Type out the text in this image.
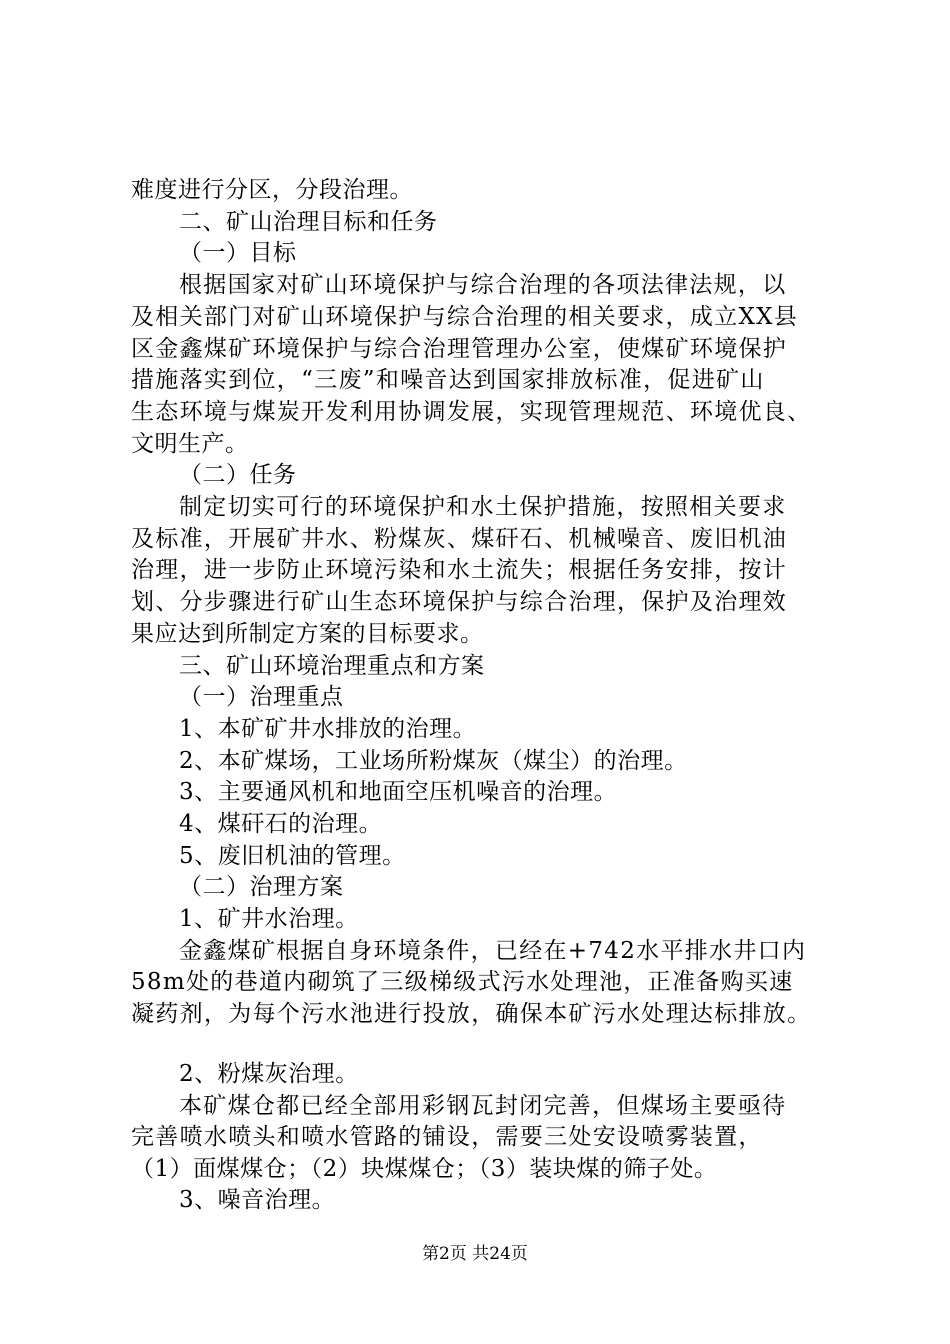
难度进行分区，分段治理。
二、矿山治理目标和任务
（一）目标
根据国家对矿山环境保护与综合治理的各项法律法规，以
及相关部门对矿山环境保护与综合治理的相关要求，成立XX县
区金鑫煤矿环境保护与综合治理管理办公室，使煤矿环境保护
措施落实到位，“三废”和噪音达到国家排放标准，促进矿山
生态环境与煤炭开发利用协调发展，实现管理规范、环境优良、
文明生产。
（二）任务
制定切实可行的环境保护和水土保护措施，按照相关要求
及标准，开展矿井水、粉煤灰、煤矸石、机械噪音、废旧机油
治理，进一步防止环境污染和水土流失；根据任务安排，按计
划、分步骤进行矿山生态环境保护与综合治理，保护及治理效
果应达到所制定方案的目标要求。
三、矿山环境治理重点和方案
（一）治理重点
1、本矿矿井水排放的治理。
2、本矿煤场，工业场所粉煤灰（煤尘）的治理。
3、主要通风机和地面空压机噪音的治理。
4、煤矸石的治理。
5、废旧机油的管理。
（二）治理方案
1、矿井水治理。
金鑫煤矿根据自身环境条件，已经在+742水平排水井口内
58m处的巷道内砌筑了三级梯级式污水处理池，正准备购买速
凝药剂，为每个污水池进行投放，确保本矿污水处理达标排放。
2、粉煤灰治理。
本矿煤仓都已经全部用彩钢瓦封闭完善，但煤场主要亟待
完善喷水喷头和喷水管路的铺设，需要三处安设喷雾装置，
（1）面煤煤仓；（2）块煤煤仓；（3）装块煤的筛子处。
3、噪音治理。
第2页 共24页
